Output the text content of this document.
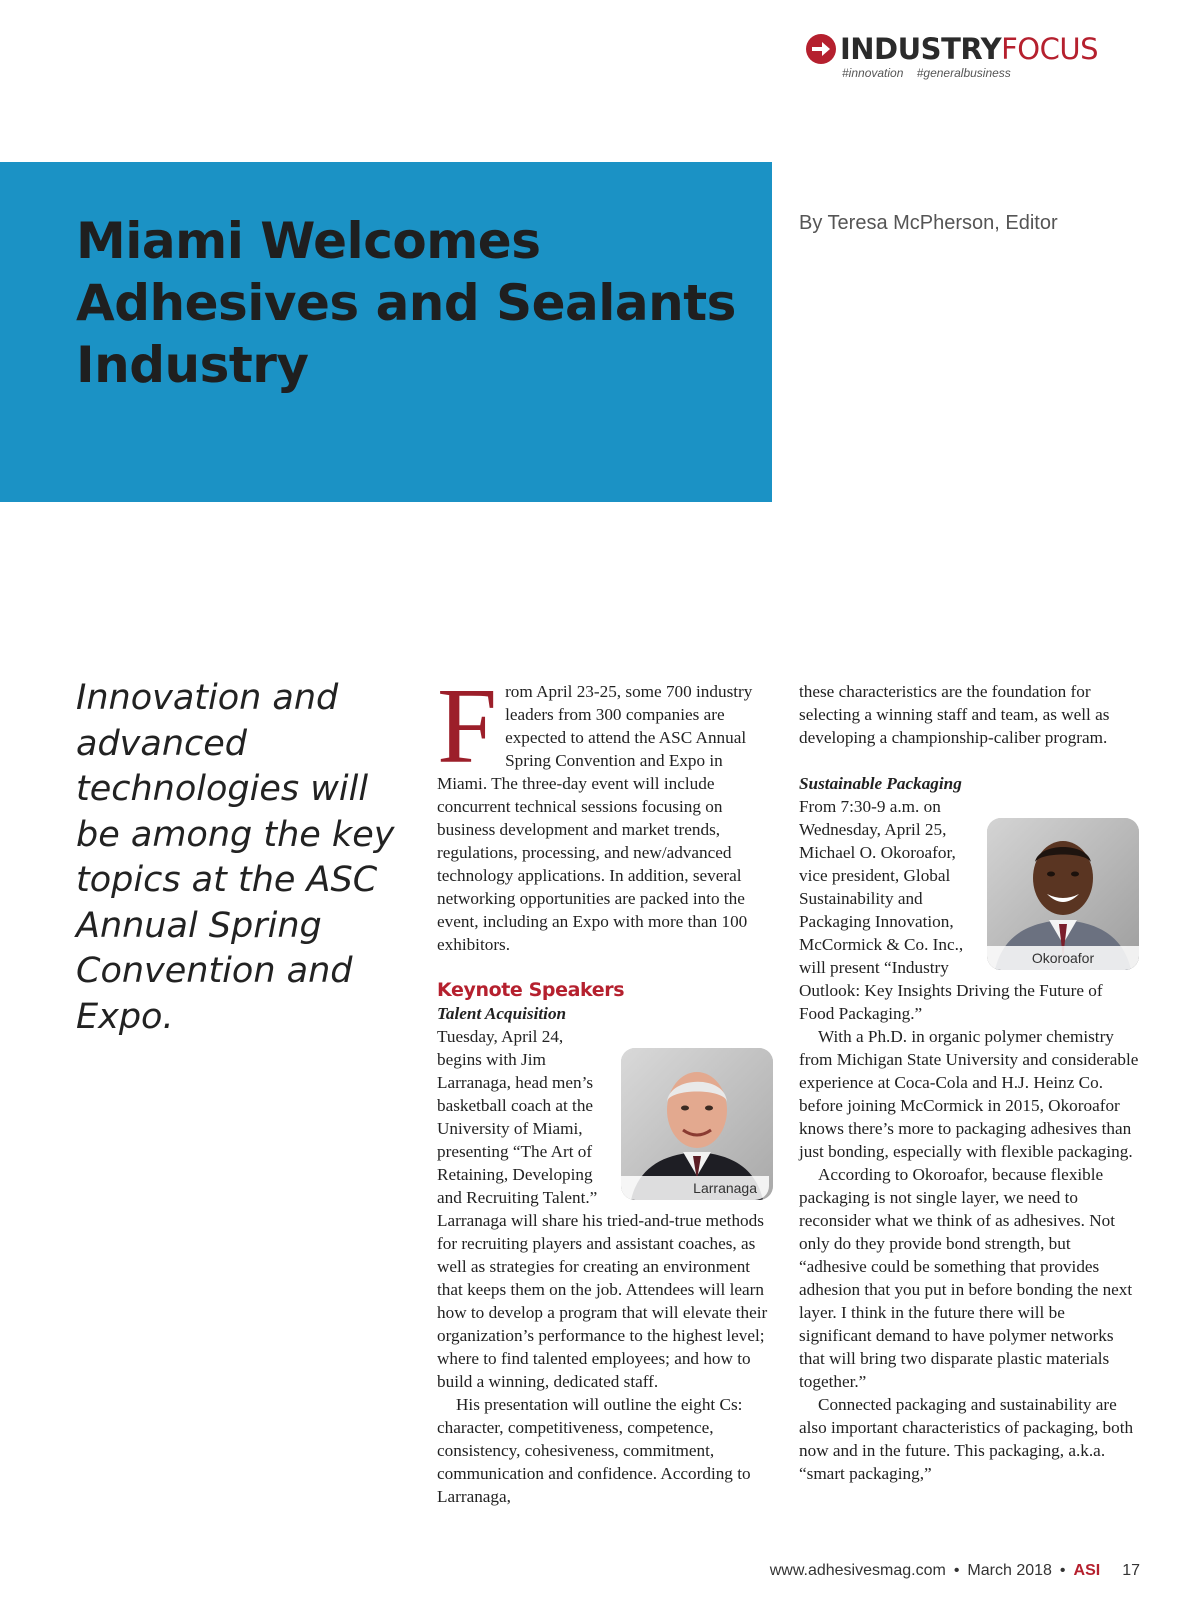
INDUSTRY FOCUS
#innovation #generalbusiness
Miami Welcomes Adhesives and Sealants Industry
By Teresa McPherson, Editor
Innovation and advanced technologies will be among the key topics at the ASC Annual Spring Convention and Expo.

From April 23-25, some 700 industry leaders from 300 companies are expected to attend the ASC Annual Spring Convention and Expo in Miami. The three-day event will include concurrent technical sessions focusing on business development and market trends, regulations, processing, and new/advanced technology applications. In addition, several networking opportunities are packed into the event, including an Expo with more than 100 exhibitors.

Keynote Speakers
Talent Acquisition

Larranaga
Tuesday, April 24, begins with Jim Larranaga, head men’s basketball coach at the University of Miami, presenting “The Art of Retaining, Developing and Recruiting Talent.” Larranaga will share his tried-and-true methods for recruiting players and assistant coaches, as well as strategies for creating an environment that keeps them on the job. Attendees will learn how to develop a program that will elevate their organization’s performance to the highest level; where to find talented employees; and how to build a winning, dedicated staff.

His presentation will outline the eight Cs: character, competitiveness, competence, consistency, cohesiveness, commitment, communication and confidence. According to Larranaga,

these characteristics are the foundation for selecting a winning staff and team, as well as developing a championship-caliber program.

Sustainable Packaging

Okoroafor
From 7:30-9 a.m. on Wednesday, April 25, Michael O. Okoroafor, vice president, Global Sustainability and Packaging Innovation, McCormick & Co. Inc., will present “Industry Outlook: Key Insights Driving the Future of Food Packaging.”

With a Ph.D. in organic polymer chemistry from Michigan State University and considerable experience at Coca-Cola and H.J. Heinz Co. before joining McCormick in 2015, Okoroafor knows there’s more to packaging adhesives than just bonding, especially with flexible packaging.

According to Okoroafor, because flexible packaging is not single layer, we need to reconsider what we think of as adhesives. Not only do they provide bond strength, but “adhesive could be something that provides adhesion that you put in before bonding the next layer. I think in the future there will be significant demand to have polymer networks that will bring two disparate plastic materials together.”

Connected packaging and sustainability are also important characteristics of packaging, both now and in the future. This packaging, a.k.a. “smart packaging,”

www.adhesivesmag.com • March 2018 • ASI 17
